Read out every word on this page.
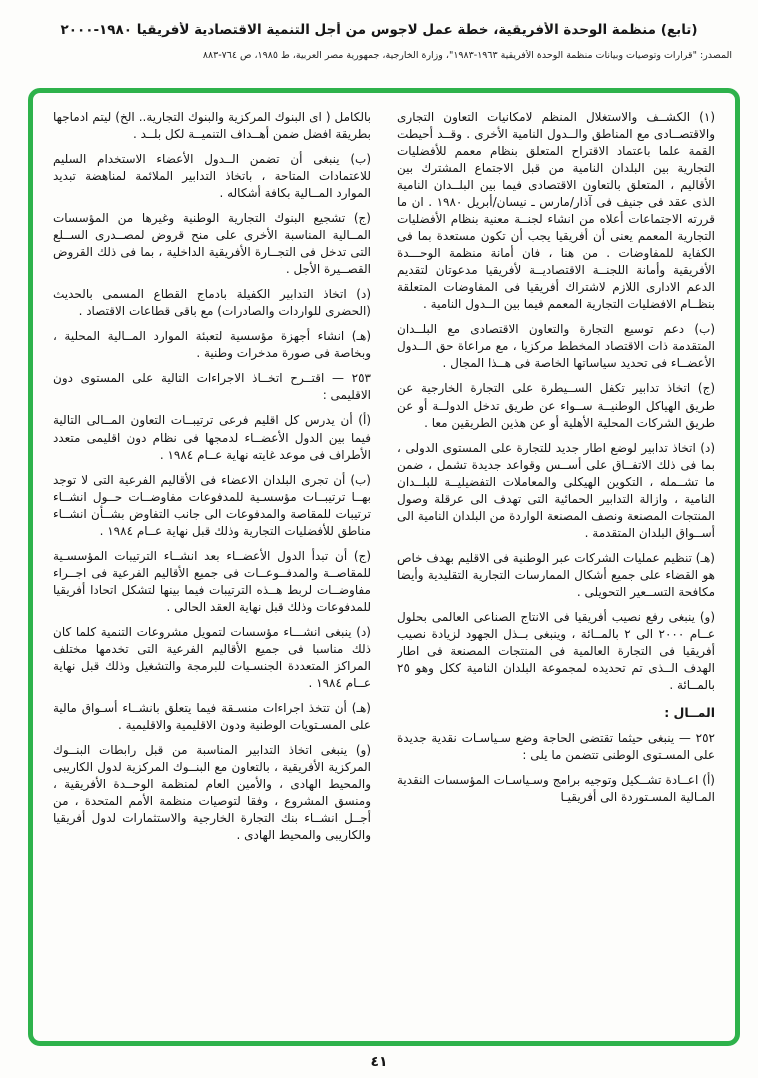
(تابع) منظمة الوحدة الأفريقية، خطة عمل لاجوس من أجل التنمية الاقتصادية لأفريقيا ١٩٨٠-٢٠٠٠
المصدر: "قرارات وتوصيات وبيانات منظمة الوحدة الأفريقية ١٩٦٣-١٩٨٣"، وزارة الخارجية، جمهورية مصر العربية، ط ١٩٨٥، ص ٧٦٤-٨٨٣

(١) الكشــف والاستغلال المنظم لامكانيات التعاون التجارى والاقتصــادى مع المناطق والــدول النامية الأخرى . وقــد أحيطت القمة علما باعتماد الاقتراح المتعلق بنظام معمم للأفضليات التجارية بين البلدان النامية من قبل الاجتماع المشترك بين الأقاليم ، المتعلق بالتعاون الاقتصادى فيما بين البلــدان النامية الذى عقد فى جنيف فى آذار/مارس ـ نيسان/أبريل ١٩٨٠ . ان ما قررته الاجتماعات أعلاه من انشاء لجنــة معنية بنظام الأفضليات التجارية المعمم يعنى أن أفريقيا يجب أن تكون مستعدة بما فى الكفاية للمفاوضات . من هنا ، فان أمانة منظمة الوحـــدة الأفريقية وأمانة اللجنــة الاقتصاديــة لأفريقيا مدعوتان لتقديم الدعم الادارى اللازم لاشتراك أفريقيا فى المفاوضات المتعلقة بنظــام الافضليات التجارية المعمم فيما بين الــدول النامية .

(ب) دعم توسيع التجارة والتعاون الاقتصادى مع البلــدان المتقدمة ذات الاقتصاد المخطط مركزيا ، مع مراعاة حق الــدول الأعضــاء فى تحديد سياساتها الخاصة فى هــذا المجال .

(ج) اتخاذ تدابير تكفل الســيطرة على التجارة الخارجية عن طريق الهياكل الوطنيــة ســواء عن طريق تدخل الدولــة أو عن طريق الشركات المحلية الأهلية أو عن هذين الطريقين معا .

(د) اتخاذ تدابير لوضع اطار جديد للتجارة على المستوى الدولى ، بما فى ذلك الاتفــاق على أســس وقواعد جديدة تشمل ، ضمن ما تشــمله ، التكوين الهيكلى والمعاملات التفضيليــة للبلــدان النامية ، وازالة التدابير الحمائية التى تهدف الى عرقلة وصول المنتجات المصنعة ونصف المصنعة الواردة من البلدان النامية الى أســواق البلدان المتقدمة .

(هـ) تنظيم عمليات الشركات عبر الوطنية فى الاقليم بهدف خاص هو القضاء على جميع أشكال الممارسات التجارية التقليدية وأيضا مكافحة التســعير التحويلى .

(و) ينبغى رفع نصيب أفريقيا فى الانتاج الصناعى العالمى بحلول عــام ٢٠٠٠ الى ٢ بالمــائة ، وينبغى بــذل الجهود لزيادة نصيب أفريقيا فى التجارة العالمية فى المنتجات المصنعة فى اطار الهدف الــذى تم تحديده لمجموعة البلدان النامية ككل وهو ٢٥ بالمــائة .

المــال :

٢٥٢ — ينبغى حيثما تقتضى الحاجة وضع سـياسـات نقدية جديدة على المسـتوى الوطنى تتضمن ما يلى :

(أ) اعــادة تشــكيل وتوجيه برامج وسـياسـات المؤسسات النقدية المـالية المسـتوردة الى أفريقيـا

بالكامل ( اى البنوك المركزية والبنوك التجارية.. الخ) ليتم ادماجها بطريقة افضل ضمن أهــداف التنميــة لكل بلــد .

(ب) ينبغى أن تضمن الــدول الأعضاء الاستخدام السليم للاعتمادات المتاحة ، باتخاذ التدابير الملائمة لمناهضة تبديد الموارد المــالية بكافة أشكاله .

(ج) تشجيع البنوك التجارية الوطنية وغيرها من المؤسسات المــالية المناسبة الأخرى على منح قروض لمصــدرى الســلع التى تدخل فى التجــارة الأفريقية الداخلية ، بما فى ذلك القروض القصــيرة الأجل .

(د) اتخاذ التدابير الكفيلة بادماج القطاع المسمى بالحديث (الحضرى للواردات والصادرات) مع باقى قطاعات الاقتصاد .

(هـ) انشاء أجهزة مؤسسية لتعبئة الموارد المــالية المحلية ، وبخاصة فى صورة مدخرات وطنية .

٢٥٣ — اقتــرح اتخــاذ الاجراءات التالية على المستوى دون الاقليمى :

(أ) أن يدرس كل اقليم فرعى ترتيبــات التعاون المــالى التالية فيما بين الدول الأعضــاء لدمجها فى نظام دون اقليمى متعدد الأطراف فى موعد غايته نهاية عــام ١٩٨٤ .

(ب) أن تجرى البلدان الاعضاء فى الأقاليم الفرعية التى لا توجد بهــا ترتيبــات مؤسسـية للمدفوعات مفاوضــات حــول انشــاء ترتيبات للمقاصة والمدفوعات الى جانب التفاوض بشــأن انشــاء مناطق للأفضليات التجارية وذلك قبل نهاية عــام ١٩٨٤ .

(ج) أن تبدأ الدول الأعضــاء بعد انشــاء الترتيبات المؤسسـية للمقاصــة والمدفــوعــات فى جميع الأقاليم الفرعية فى اجــراء مفاوضــات لربط هــذه الترتيبات فيما بينها لتشكل اتحادا أفريقيا للمدفوعات وذلك قبل نهاية العقد الحالى .

(د) ينبغى انشـــاء مؤسسات لتمويل مشروعات التنمية كلما كان ذلك مناسبا فى جميع الأقاليم الفرعية التى تخدمها مختلف المراكز المتعددة الجنسـيات للبرمجة والتشغيل وذلك قبل نهاية عــام ١٩٨٤ .

(هـ) أن تتخذ اجراءات منسـقة فيما يتعلق بانشــاء أسـواق مالية على المسـتويات الوطنية ودون الاقليمية والاقليمية .

(و) ينبغى اتخاذ التدابير المناسبة من قبل رابطات البنــوك المركزية الأفريقية ، بالتعاون مع البنــوك المركزية لدول الكاريبى والمحيط الهادى ، والأمين العام لمنظمة الوحــدة الأفريقية ، ومنسق المشروع ، وفقا لتوصيات منظمة الأمم المتحدة ، من أجــل انشــاء بنك التجارة الخارجية والاستثمارات لدول أفريقيا والكاريبى والمحيط الهادى .

٤١
